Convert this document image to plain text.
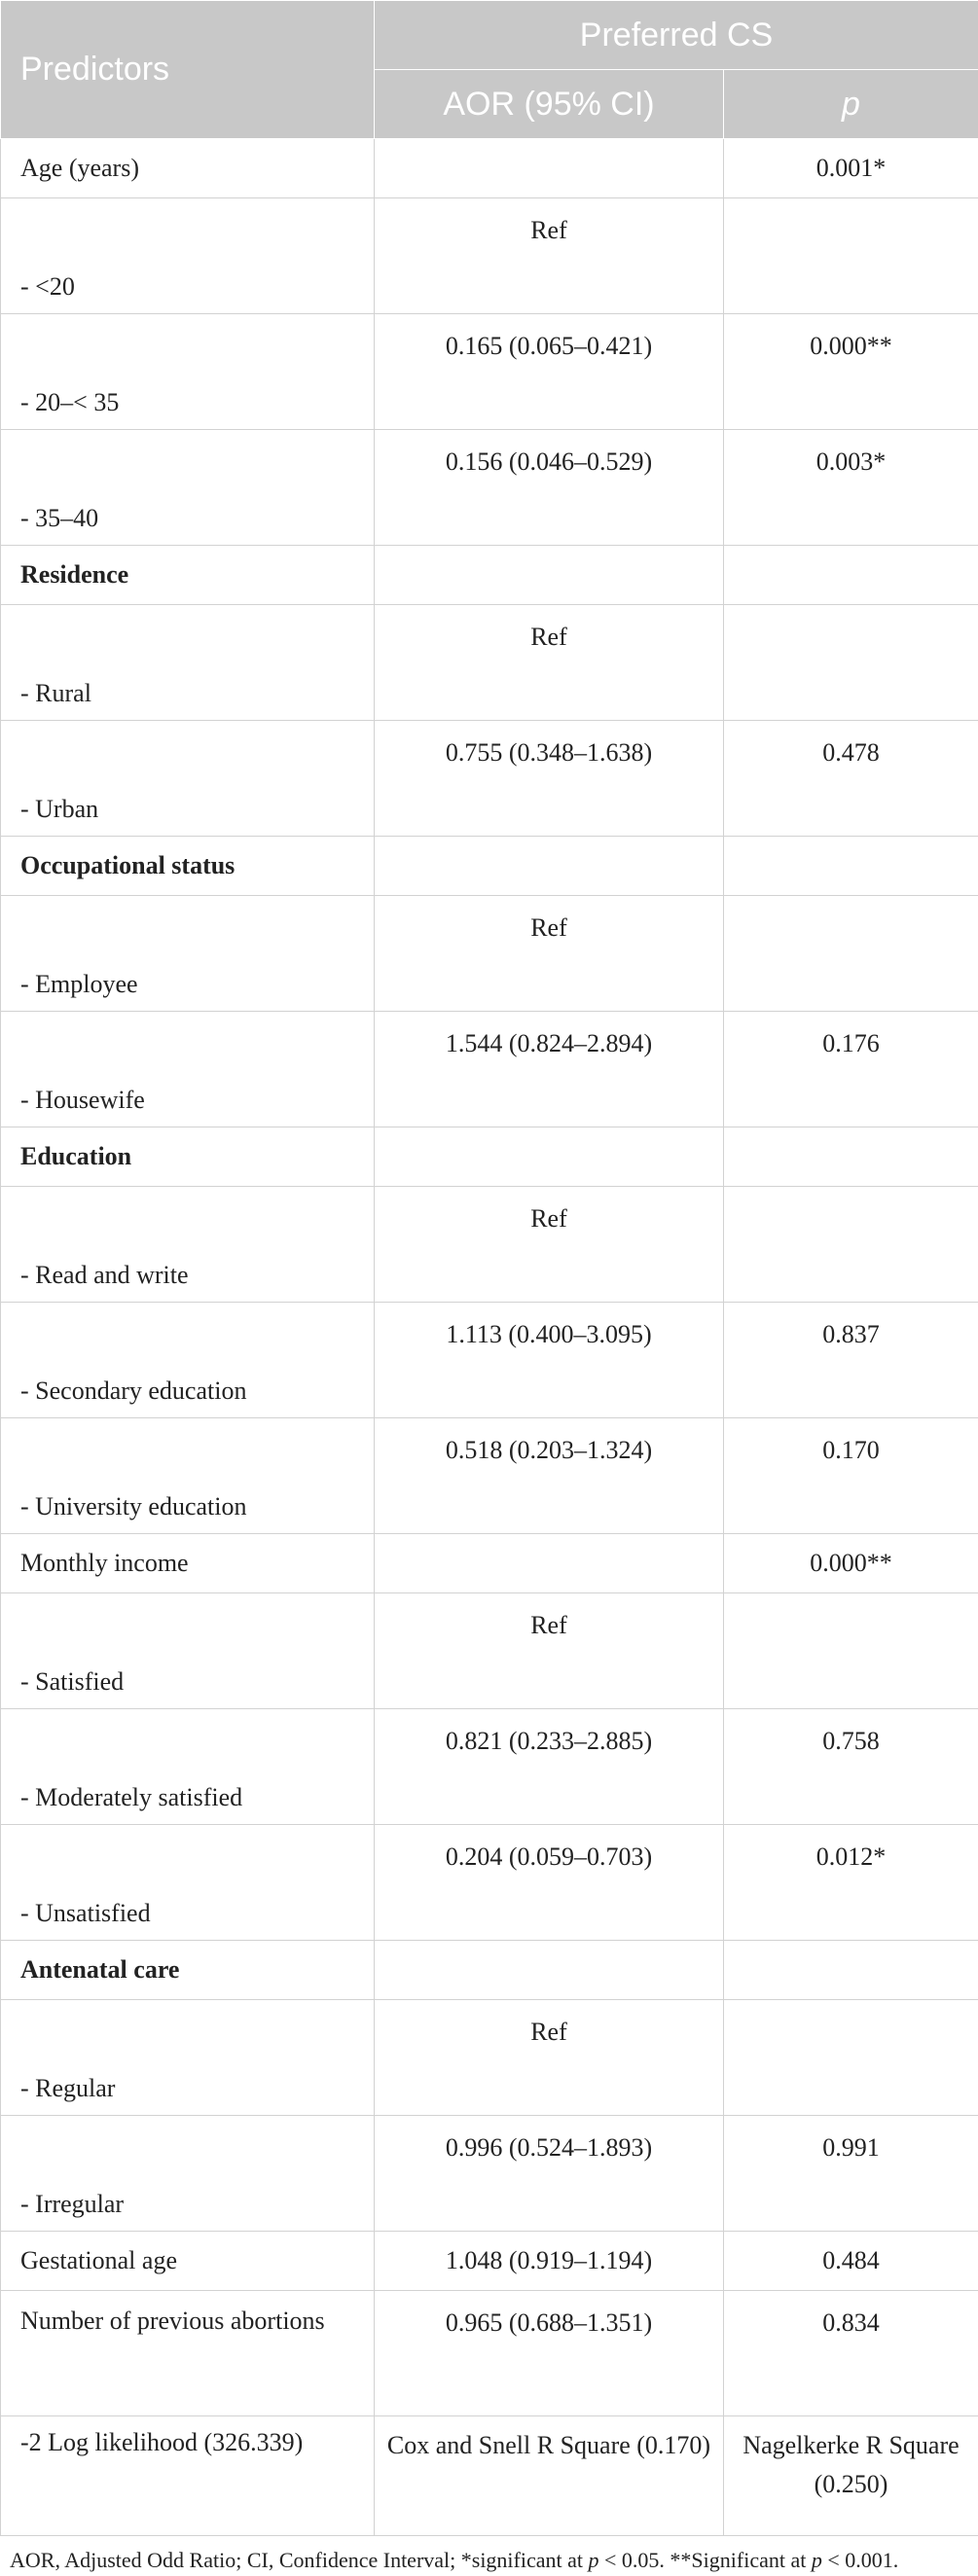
Predictors	Preferred CS	
	AOR (95% CI)	p
Age (years)		0.001*
- <20	Ref	
- 20–< 35	0.165 (0.065–0.421)	0.000**
- 35–40	0.156 (0.046–0.529)	0.003*
Residence		
- Rural	Ref	
- Urban	0.755 (0.348–1.638)	0.478
Occupational status		
- Employee	Ref	
- Housewife	1.544 (0.824–2.894)	0.176
Education		
- Read and write	Ref	
- Secondary education	1.113 (0.400–3.095)	0.837
- University education	0.518 (0.203–1.324)	0.170
Monthly income		0.000**
- Satisfied	Ref	
- Moderately satisfied	0.821 (0.233–2.885)	0.758
- Unsatisfied	0.204 (0.059–0.703)	0.012*
Antenatal care		
- Regular	Ref	
- Irregular	0.996 (0.524–1.893)	0.991
Gestational age	1.048 (0.919–1.194)	0.484
Number of previous abortions	0.965 (0.688–1.351)	0.834
-2 Log likelihood (326.339)	Cox and Snell R Square (0.170)	Nagelkerke R Square (0.250)
AOR, Adjusted Odd Ratio; CI, Confidence Interval; *significant at p < 0.05. **Significant at p < 0.001.
